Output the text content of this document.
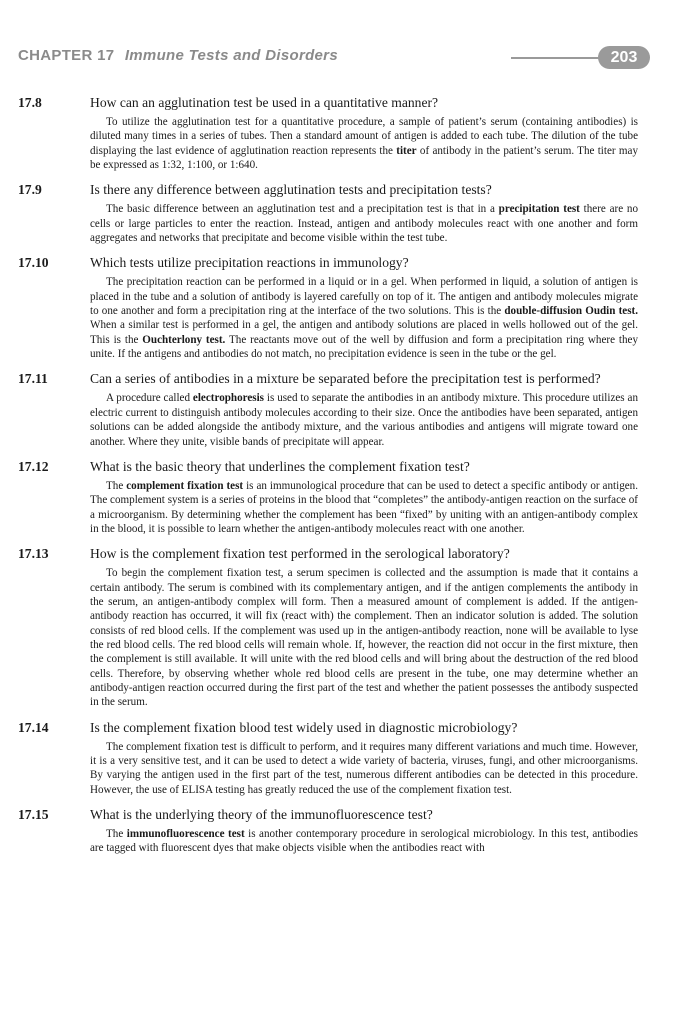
CHAPTER 17 Immune Tests and Disorders	203
17.8	How can an agglutination test be used in a quantitative manner?
To utilize the agglutination test for a quantitative procedure, a sample of patient’s serum (containing antibodies) is diluted many times in a series of tubes. Then a standard amount of antigen is added to each tube. The dilution of the tube displaying the last evidence of agglutination reaction represents the titer of antibody in the patient’s serum. The titer may be expressed as 1:32, 1:100, or 1:640.
17.9	Is there any difference between agglutination tests and precipitation tests?
The basic difference between an agglutination test and a precipitation test is that in a precipitation test there are no cells or large particles to enter the reaction. Instead, antigen and antibody molecules react with one another and form aggregates and networks that precipitate and become visible within the test tube.
17.10	Which tests utilize precipitation reactions in immunology?
The precipitation reaction can be performed in a liquid or in a gel. When performed in liquid, a solution of antigen is placed in the tube and a solution of antibody is layered carefully on top of it. The antigen and antibody molecules migrate to one another and form a precipitation ring at the interface of the two solutions. This is the double-diffusion Oudin test. When a similar test is performed in a gel, the antigen and antibody solutions are placed in wells hollowed out of the gel. This is the Ouchterlony test. The reactants move out of the well by diffusion and form a precipitation ring where they unite. If the antigens and antibodies do not match, no precipitation evidence is seen in the tube or the gel.
17.11	Can a series of antibodies in a mixture be separated before the precipitation test is performed?
A procedure called electrophoresis is used to separate the antibodies in an antibody mixture. This procedure utilizes an electric current to distinguish antibody molecules according to their size. Once the antibodies have been separated, antigen solutions can be added alongside the antibody mixture, and the various antibodies and antigens will migrate toward one another. Where they unite, visible bands of precipitate will appear.
17.12	What is the basic theory that underlines the complement fixation test?
The complement fixation test is an immunological procedure that can be used to detect a specific antibody or antigen. The complement system is a series of proteins in the blood that “completes” the antibody-antigen reaction on the surface of a microorganism. By determining whether the complement has been “fixed” by uniting with an antigen-antibody complex in the blood, it is possible to learn whether the antigen-antibody molecules react with one another.
17.13	How is the complement fixation test performed in the serological laboratory?
To begin the complement fixation test, a serum specimen is collected and the assumption is made that it contains a certain antibody. The serum is combined with its complementary antigen, and if the antigen complements the antibody in the serum, an antigen-antibody complex will form. Then a measured amount of complement is added. If the antigen-antibody reaction has occurred, it will fix (react with) the complement. Then an indicator solution is added. The solution consists of red blood cells. If the complement was used up in the antigen-antibody reaction, none will be available to lyse the red blood cells. The red blood cells will remain whole. If, however, the reaction did not occur in the first mixture, then the complement is still available. It will unite with the red blood cells and will bring about the destruction of the red blood cells. Therefore, by observing whether whole red blood cells are present in the tube, one may determine whether an antibody-antigen reaction occurred during the first part of the test and whether the patient possesses the antibody suspected in the serum.
17.14	Is the complement fixation blood test widely used in diagnostic microbiology?
The complement fixation test is difficult to perform, and it requires many different variations and much time. However, it is a very sensitive test, and it can be used to detect a wide variety of bacteria, viruses, fungi, and other microorganisms. By varying the antigen used in the first part of the test, numerous different antibodies can be detected in this procedure. However, the use of ELISA testing has greatly reduced the use of the complement fixation test.
17.15	What is the underlying theory of the immunofluorescence test?
The immunofluorescence test is another contemporary procedure in serological microbiology. In this test, antibodies are tagged with fluorescent dyes that make objects visible when the antibodies react with
